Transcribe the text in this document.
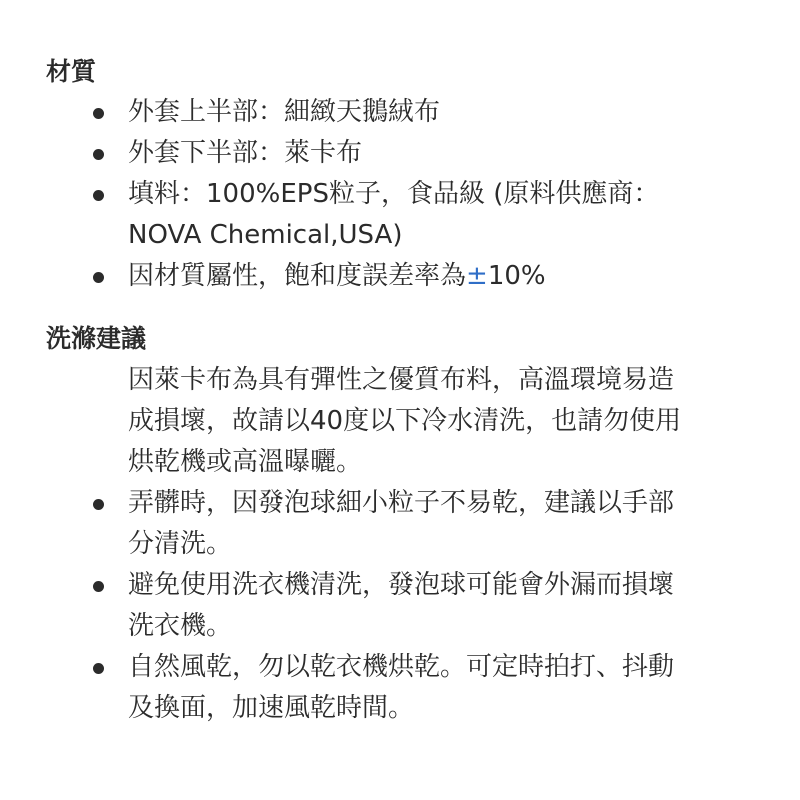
材質
外套上半部：細緻天鵝絨布
外套下半部：萊卡布
填料：100%EPS粒子，食品級 (原料供應商：
NOVA Chemical,USA)
因材質屬性，飽和度誤差率為±10%
洗滌建議
因萊卡布為具有彈性之優質布料，高溫環境易造
成損壞，故請以40度以下冷水清洗，也請勿使用
烘乾機或高溫曝曬。
弄髒時，因發泡球細小粒子不易乾，建議以手部
分清洗。
避免使用洗衣機清洗，發泡球可能會外漏而損壞
洗衣機。
自然風乾，勿以乾衣機烘乾。可定時拍打、抖動
及換面，加速風乾時間。
